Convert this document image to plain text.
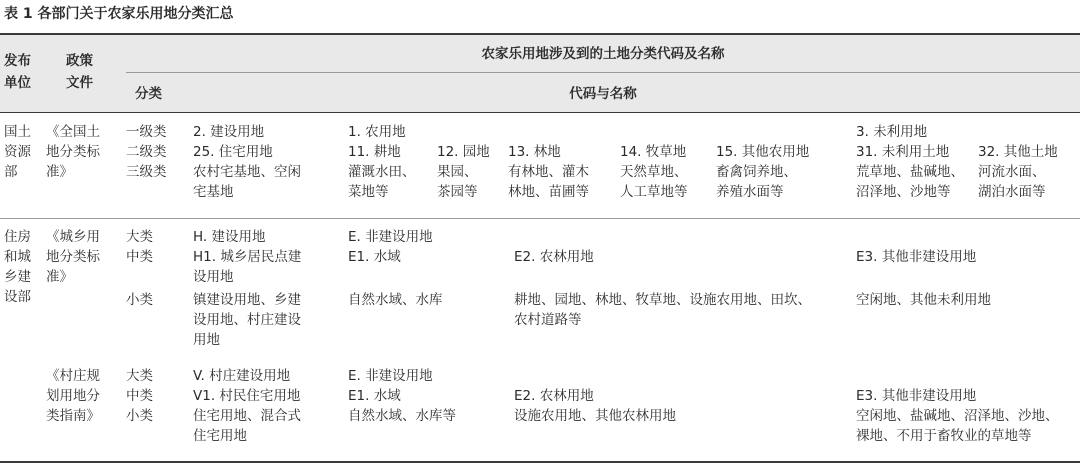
表 1 各部门关于农家乐用地分类汇总
发布
单位
政策
文件
农家乐用地涉及到的土地分类代码及名称
分类	代码与名称
国土
资源
部
《全国土
地分类标
准》
一级类
二级类
三级类
2. 建设用地
25. 住宅用地
农村宅基地、空闲
宅基地
1. 农用地
11. 耕地
灌溉水田、
菜地等
12. 园地
果园、
茶园等
13. 林地
有林地、灌木
林地、苗圃等
14. 牧草地
天然草地、
人工草地等
15. 其他农用地
畜禽饲养地、
养殖水面等
3. 未利用地
31. 未利用土地
荒草地、盐碱地、
沼泽地、沙地等
32. 其他土地
河流水面、
湖泊水面等
住房
和城
乡建
设部
《城乡用
地分类标
准》
大类
中类
小类
H. 建设用地
H1. 城乡居民点建
设用地
镇建设用地、乡建
设用地、村庄建设
用地
E. 非建设用地
E1. 水域
自然水域、水库
E2. 农林用地
耕地、园地、林地、牧草地、设施农用地、田坎、
农村道路等
E3. 其他非建设用地
空闲地、其他未利用地
《村庄规
划用地分
类指南》
大类
中类
小类
V. 村庄建设用地
V1. 村民住宅用地
住宅用地、混合式
住宅用地
E. 非建设用地
E1. 水域
自然水域、水库等
E2. 农林用地
设施农用地、其他农林用地
E3. 其他非建设用地
空闲地、盐碱地、沼泽地、沙地、
裸地、不用于畜牧业的草地等
